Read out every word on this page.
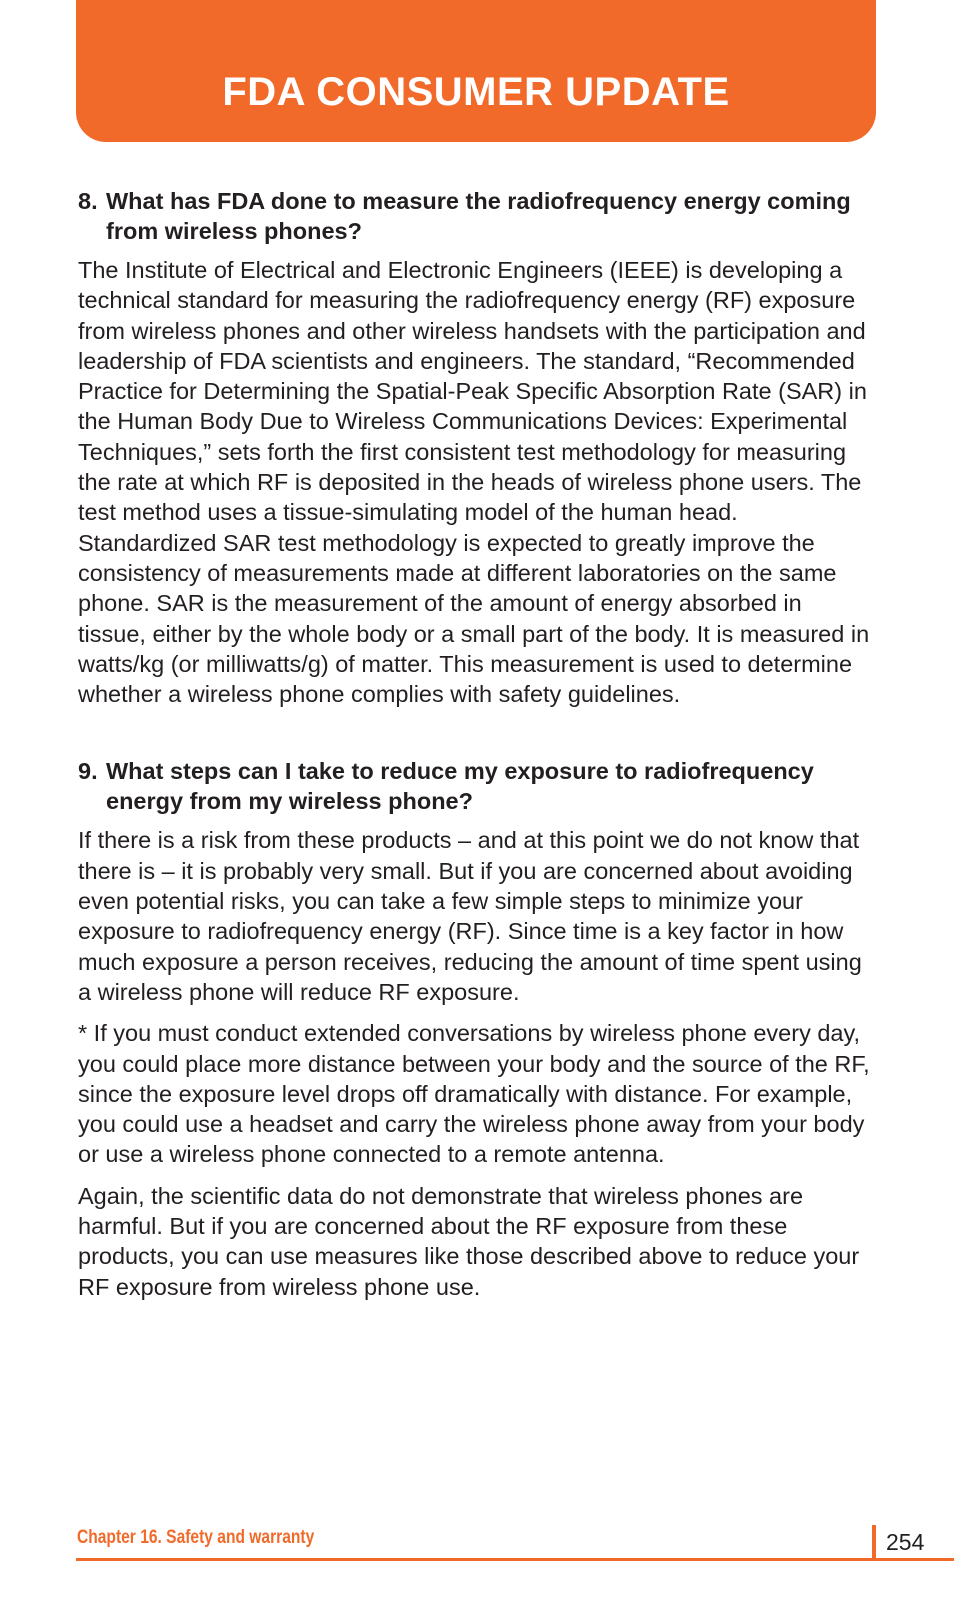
FDA CONSUMER UPDATE
8. What has FDA done to measure the radiofrequency energy coming from wireless phones?

The Institute of Electrical and Electronic Engineers (IEEE) is developing a technical standard for measuring the radiofrequency energy (RF) exposure from wireless phones and other wireless handsets with the participation and leadership of FDA scientists and engineers. The standard, “Recommended Practice for Determining the Spatial-Peak Specific Absorption Rate (SAR) in the Human Body Due to Wireless Communications Devices: Experimental Techniques,” sets forth the first consistent test methodology for measuring the rate at which RF is deposited in the heads of wireless phone users. The test method uses a tissue-simulating model of the human head. Standardized SAR test methodology is expected to greatly improve the consistency of measurements made at different laboratories on the same phone. SAR is the measurement of the amount of energy absorbed in tissue, either by the whole body or a small part of the body. It is measured in watts/kg (or milliwatts/g) of matter. This measurement is used to determine whether a wireless phone complies with safety guidelines.

9. What steps can I take to reduce my exposure to radiofrequency energy from my wireless phone?

If there is a risk from these products – and at this point we do not know that there is – it is probably very small. But if you are concerned about avoiding even potential risks, you can take a few simple steps to minimize your exposure to radiofrequency energy (RF). Since time is a key factor in how much exposure a person receives, reducing the amount of time spent using a wireless phone will reduce RF exposure.

* If you must conduct extended conversations by wireless phone every day, you could place more distance between your body and the source of the RF, since the exposure level drops off dramatically with distance. For example, you could use a headset and carry the wireless phone away from your body or use a wireless phone connected to a remote antenna.

Again, the scientific data do not demonstrate that wireless phones are harmful. But if you are concerned about the RF exposure from these products, you can use measures like those described above to reduce your RF exposure from wireless phone use.

Chapter 16. Safety and warranty	254
